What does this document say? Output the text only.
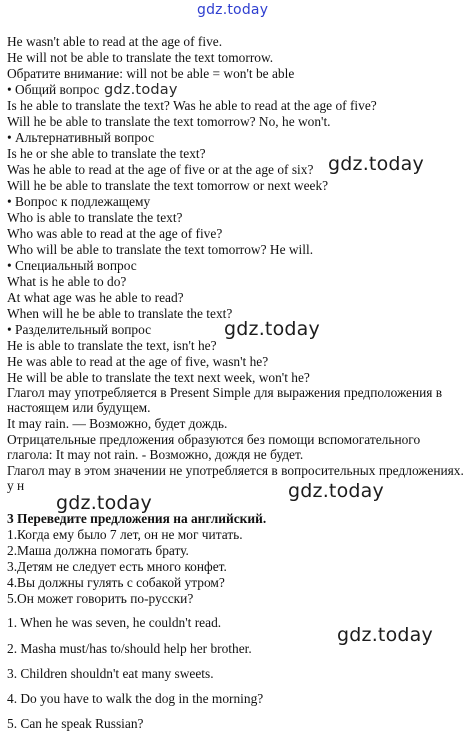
gdz.today
He wasn't able to read at the age of five.
He will not be able to translate the text tomorrow.
Обратите внимание: will not be able = won't be able
• Общий вопрос gdz.today
Is he able to translate the text? Was he able to read at the age of five?
Will he be able to translate the text tomorrow? No, he won't.
• Альтернативный вопрос
Is he or she able to translate the text?
Was he able to read at the age of five or at the age of six? gdz.today
Will he be able to translate the text tomorrow or next week?
• Вопрос к подлежащему
Who is able to translate the text?
Who was able to read at the age of five?
Who will be able to translate the text tomorrow? He will.
• Специальный вопрос
What is he able to do?
At what age was he able to read?
When will he be able to translate the text?
• Разделительный вопрос	gdz.today
He is able to translate the text, isn't he?
He was able to read at the age of five, wasn't he?
He will be able to translate the text next week, won't he?
Глагол may употребляется в Present Simple для выражения предположения в настоящем или будущем.
It may rain. — Возможно, будет дождь.
Отрицательные предложения образуются без помощи вспомогательного глагола: It may not rain. - Возможно, дождя не будет.
Глагол may в этом значении не употребляется в вопросительных предложениях. у н	gdz.today
gdz.today
3 Переведите предложения на английский.
1.Когда ему было 7 лет, он не мог читать.
2.Маша должна помогать брату.
3.Детям не следует есть много конфет.
4.Вы должны гулять с собакой утром?
5.Он может говорить по-русски?
1. When he was seven, he couldn't read.
gdz.today
2. Masha must/has to/should help her brother.
3. Children shouldn't eat many sweets.
4. Do you have to walk the dog in the morning?
5. Can he speak Russian?
